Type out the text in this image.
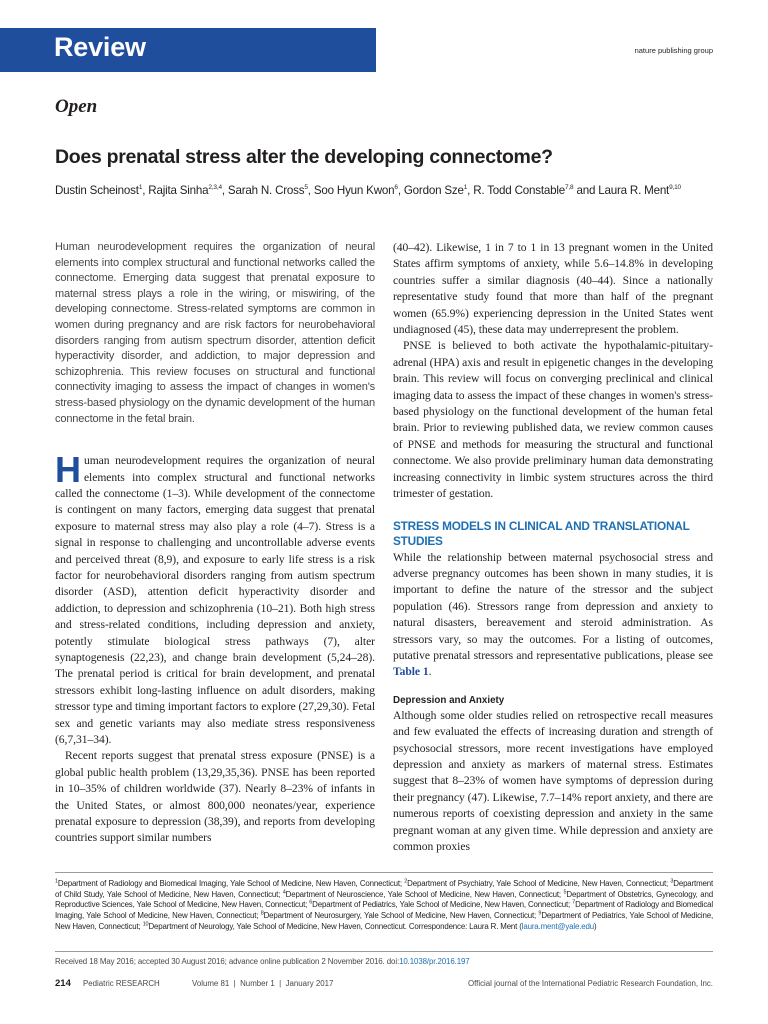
Review	nature publishing group
Open
Does prenatal stress alter the developing connectome?
Dustin Scheinost$^1$, Rajita Sinha$^{2,3,4}$, Sarah N. Cross$^5$, Soo Hyun Kwon$^6$, Gordon Sze$^1$, R. Todd Constable$^{7,8}$ and Laura R. Ment$^{9,10}$

Human neurodevelopment requires the organization of neural elements into complex structural and functional networks called the connectome. Emerging data suggest that prenatal exposure to maternal stress plays a role in the wiring, or miswiring, of the developing connectome. Stress-related symptoms are common in women during pregnancy and are risk factors for neurobehavioral disorders ranging from autism spectrum disorder, attention deficit hyperactivity disorder, and addiction, to major depression and schizophrenia. This review focuses on structural and functional connectivity imaging to assess the impact of changes in women's stress-based physiology on the dynamic development of the human connectome in the fetal brain.

Human neurodevelopment requires the organization of neural elements into complex structural and functional networks called the connectome (1–3). While development of the connectome is contingent on many factors, emerging data suggest that prenatal exposure to maternal stress may also play a role (4–7). Stress is a signal in response to challenging and uncontrollable adverse events and perceived threat (8,9), and exposure to early life stress is a risk factor for neurobehavioral disorders ranging from autism spectrum disorder (ASD), attention deficit hyperactivity disorder and addiction, to depression and schizophrenia (10–21). Both high stress and stress-related conditions, including depression and anxiety, potently stimulate biological stress pathways (7), alter synaptogenesis (22,23), and change brain development (5,24–28). The prenatal period is critical for brain development, and prenatal stressors exhibit long-lasting influence on adult disorders, making stressor type and timing important factors to explore (27,29,30). Fetal sex and genetic variants may also mediate stress responsiveness (6,7,31–34).

Recent reports suggest that prenatal stress exposure (PNSE) is a global public health problem (13,29,35,36). PNSE has been reported in 10–35% of children worldwide (37). Nearly 8–23% of infants in the United States, or almost 800,000 neonates/year, experience prenatal exposure to depression (38,39), and reports from developing countries support similar numbers

(40–42). Likewise, 1 in 7 to 1 in 13 pregnant women in the United States affirm symptoms of anxiety, while 5.6–14.8% in developing countries suffer a similar diagnosis (40–44). Since a nationally representative study found that more than half of the pregnant women (65.9%) experiencing depression in the United States went undiagnosed (45), these data may underrepresent the problem.

PNSE is believed to both activate the hypothalamic-pituitary-adrenal (HPA) axis and result in epigenetic changes in the developing brain. This review will focus on converging preclinical and clinical imaging data to assess the impact of these changes in women's stress-based physiology on the functional development of the human fetal brain. Prior to reviewing published data, we review common causes of PNSE and methods for measuring the structural and functional connectome. We also provide preliminary human data demonstrating increasing connectivity in limbic system structures across the third trimester of gestation.

STRESS MODELS IN CLINICAL AND TRANSLATIONAL STUDIES

While the relationship between maternal psychosocial stress and adverse pregnancy outcomes has been shown in many studies, it is important to define the nature of the stressor and the subject population (46). Stressors range from depression and anxiety to natural disasters, bereavement and steroid administration. As stressors vary, so may the outcomes. For a listing of outcomes, putative prenatal stressors and representative publications, please see Table 1.

Depression and Anxiety

Although some older studies relied on retrospective recall measures and few evaluated the effects of increasing duration and strength of psychosocial stressors, more recent investigations have employed depression and anxiety as markers of maternal stress. Estimates suggest that 8–23% of women have symptoms of depression during their pregnancy (47). Likewise, 7.7–14% report anxiety, and there are numerous reports of coexisting depression and anxiety in the same pregnant woman at any given time. While depression and anxiety are common proxies

$^1$Department of Radiology and Biomedical Imaging, Yale School of Medicine, New Haven, Connecticut; $^2$Department of Psychiatry, Yale School of Medicine, New Haven, Connecticut; $^3$Department of Child Study, Yale School of Medicine, New Haven, Connecticut; $^4$Department of Neuroscience, Yale School of Medicine, New Haven, Connecticut; $^5$Department of Obstetrics, Gynecology, and Reproductive Sciences, Yale School of Medicine, New Haven, Connecticut; $^6$Department of Pediatrics, Yale School of Medicine, New Haven, Connecticut; $^7$Department of Radiology and Biomedical Imaging, Yale School of Medicine, New Haven, Connecticut; $^8$Department of Neurosurgery, Yale School of Medicine, New Haven, Connecticut; $^9$Department of Pediatrics, Yale School of Medicine, New Haven, Connecticut; $^{10}$Department of Neurology, Yale School of Medicine, New Haven, Connecticut. Correspondence: Laura R. Ment (laura.ment@yale.edu)
Received 18 May 2016; accepted 30 August 2016; advance online publication 2 November 2016. doi:10.1038/pr.2016.197
214 Pediatric RESEARCH	Volume 81  |  Number 1  |  January 2017	Official journal of the International Pediatric Research Foundation, Inc.
